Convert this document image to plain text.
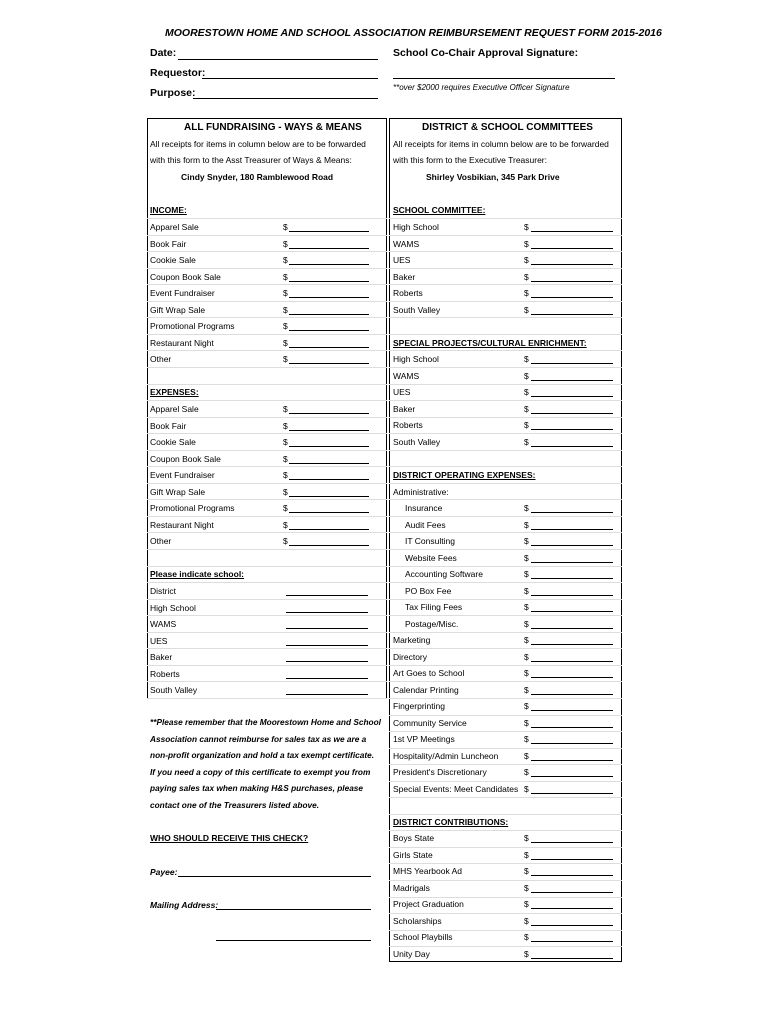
MOORESTOWN HOME AND SCHOOL ASSOCIATION REIMBURSEMENT REQUEST FORM 2015-2016
Date:
Requestor:
Purpose:
School Co-Chair Approval Signature:
**over $2000 requires Executive Officer Signature
ALL FUNDRAISING - WAYS & MEANS
All receipts for items in column below are to be forwarded
with this form to the Asst Treasurer of Ways & Means:
Cindy Snyder, 180 Ramblewood Road
DISTRICT & SCHOOL COMMITTEES
All receipts for items in column below are to be forwarded
with this form to the Executive Treasurer:
Shirley Vosbikian, 345 Park Drive
INCOME:
Apparel Sale	$
Book Fair	$
Cookie Sale	$
Coupon Book Sale	$
Event Fundraiser	$
Gift Wrap Sale	$
Promotional Programs	$
Restaurant Night	$
Other	$
EXPENSES:
Apparel Sale	$
Book Fair	$
Cookie Sale	$
Coupon Book Sale	$
Event Fundraiser	$
Gift Wrap Sale	$
Promotional Programs	$
Restaurant Night	$
Other	$
Please indicate school:
District
High School
WAMS
UES
Baker
Roberts
South Valley
SCHOOL COMMITTEE:
High School	$
WAMS	$
UES	$
Baker	$
Roberts	$
South Valley	$
SPECIAL PROJECTS/CULTURAL ENRICHMENT:
High School	$
WAMS	$
UES	$
Baker	$
Roberts	$
South Valley	$
DISTRICT OPERATING EXPENSES:
Administrative:
Insurance	$
Audit Fees	$
IT Consulting	$
Website Fees	$
Accounting Software	$
PO Box Fee	$
Tax Filing Fees	$
Postage/Misc.	$
Marketing	$
Directory	$
Art Goes to School	$
Calendar Printing	$
Fingerprinting	$
Community Service	$
1st VP Meetings	$
Hospitality/Admin Luncheon	$
President's Discretionary	$
Special Events: Meet Candidates $
DISTRICT CONTRIBUTIONS:
Boys State	$
Girls State	$
MHS Yearbook Ad	$
Madrigals	$
Project Graduation	$
Scholarships	$
School Playbills	$
Unity Day	$
**Please remember that the Moorestown Home and School
Association cannot reimburse for sales tax as we are a
non-profit organization and hold a tax exempt certificate.
If you need a copy of this certificate to exempt you from
paying sales tax when making H&S purchases, please
contact one of the Treasurers listed above.
WHO SHOULD RECEIVE THIS CHECK?
Payee:
Mailing Address:
